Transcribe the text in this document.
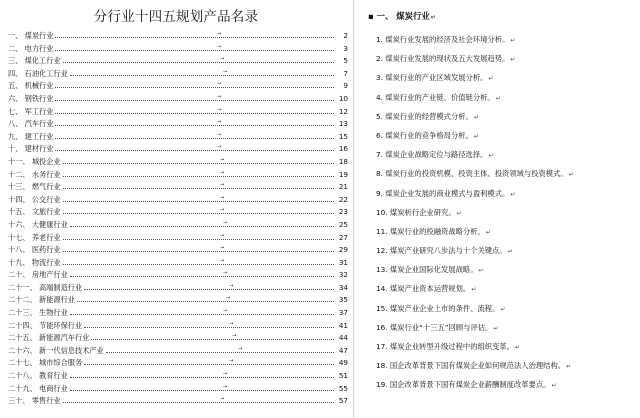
分行业十四五规划产品名录
一、 煤炭行业	→	2
二、 电力行业	→	3
三、 煤化工行业	→	5
四、 石油化工行业	→	7
五、 机械行业	→	9
六、 钢铁行业	→	10
七、 军工行业	→	12
八、 汽车行业	→	13
九、 建工行业	→	15
十、 建材行业	→	16
十一、 城投企业	→	18
十二、 水务行业	→	19
十三、 燃气行业	→	21
十四、 公交行业	→	22
十五、 文旅行业	→	23
十六、 大健康行业	→	25
十七、 养老行业	→	27
十八、 医药行业	→	29
十九、 物流行业	→	31
二十、 房地产行业	→	32
二十一、 高端制造行业	→	34
二十二、 新能源行业	→	35
二十三、 生物行业	→	37
二十四、 节能环保行业	→	41
二十五、 新能源汽车行业	→	44
二十六、 新一代信息技术产业	→	47
二十七、 城市综合服务	→	49
二十八、 教育行业	→	51
二十九、 电商行业	→	55
三十、 零售行业	→	57
▪ 一、 煤炭行业↵
1. 煤炭行业发展的经济及社会环境分析。↵
2. 煤炭行业发展的现状及五大发展趋势。↵
3. 煤炭行业的产业区域发展分析。↵
4. 煤炭行业的产业链、价值链分析。↵
5. 煤炭行业的经营模式分析。↵
6. 煤炭行业的竞争格局分析。↵
7. 煤炭企业战略定位与路径选择。↵
8. 煤炭行业的投资机模、投资主体、投资领域与投资模式。↵
9. 煤炭企业发展的商业模式与盈利模式。↵
10. 煤炭析行企业研究。↵
11. 煤炭行业的投融资战略分析。↵
12. 煤炭产业研究八步法与十个关键点。↵
13. 煤炭企业国际化发展战略。↵
14. 煤炭产业资本运营规划。↵
15. 煤炭产业企业上市的条件、流程。↵
16. 煤炭行业“十三五”回顾与评估。↵
17. 煤炭企业转型升级过程中的组织变革。↵
18. 国企改革背景下国有煤炭企业如何规范法人治理结构。↵
19. 国企改革背景下国有煤炭企业薪酬制度改革要点。↵
